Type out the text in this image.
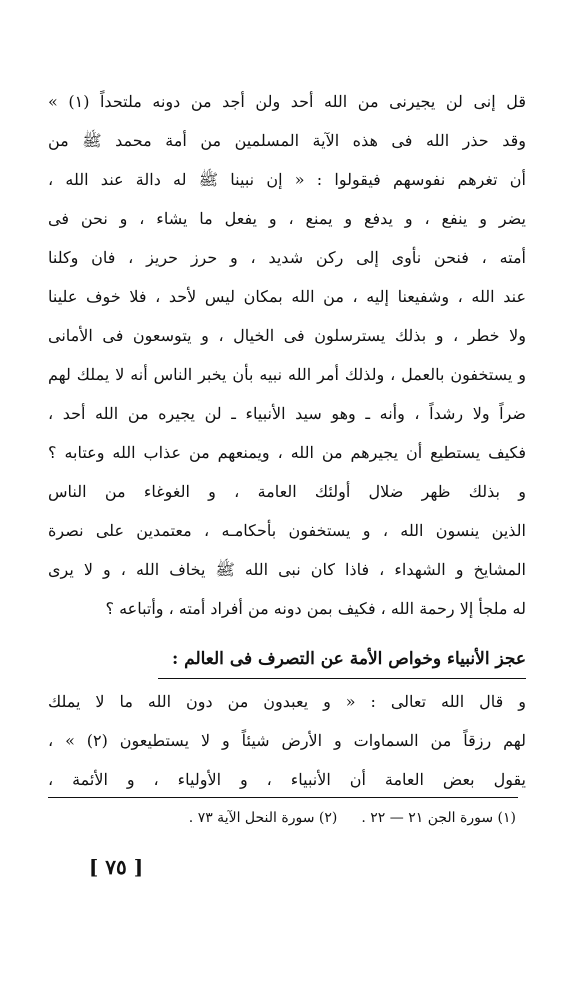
قل إنى لن يجيرنى من الله أحد ولن أجد من دونه ملتحداً (١) »
وقد حذر الله فى هذه الآية المسلمين من أمة محمد ﷺ من
أن تغرهم نفوسهم فيقولوا : « إن نبينا ﷺ له دالة عند الله ،
يضر و ينفع ، و يدفع و يمنع ، و يفعل ما يشاء ، و نحن فى
أمته ، فنحن نأوى إلى ركن شديد ، و حرز حريز ، فان وكلنا
عند الله ، وشفيعنا إليه ، من الله بمكان ليس لأحد ، فلا خوف علينا
ولا خطر ، و بذلك يسترسلون فى الخيال ، و يتوسعون فى الأمانى
و يستخفون بالعمل ، ولذلك أمر الله نبيه بأن يخبر الناس أنه لا يملك لهم
ضراً ولا رشداً ، وأنه ـ وهو سيد الأنبياء ـ لن يجيره من الله أحد ،
فكيف يستطيع أن يجيرهم من الله ، ويمنعهم من عذاب الله وعتابه ؟
و بذلك ظهر ضلال أولئك العامة ، و الغوغاء من الناس
الذين ينسون الله ، و يستخفون بأحكامـه ، معتمدين على نصرة
المشايخ و الشهداء ، فاذا كان نبى الله ﷺ يخاف الله ، و لا يرى
له ملجأ إلا رحمة الله ، فكيف بمن دونه من أفراد أمته ، وأتباعه ؟
عجز الأنبياء وخواص الأمة عن التصرف فى العالم :
و قال الله تعالى : « و يعبدون من دون الله ما لا يملك
لهم رزقاً من السماوات و الأرض شيئاً و لا يستطيعون (٢) » ،
يقول بعض العامة أن الأنبياء ، و الأولياء ، و الأئمة ،
(١) سورة الجن ٢١ — ٢٢ .
(٢) سورة النحل الآية ٧٣ .
[ ٧٥ ]
